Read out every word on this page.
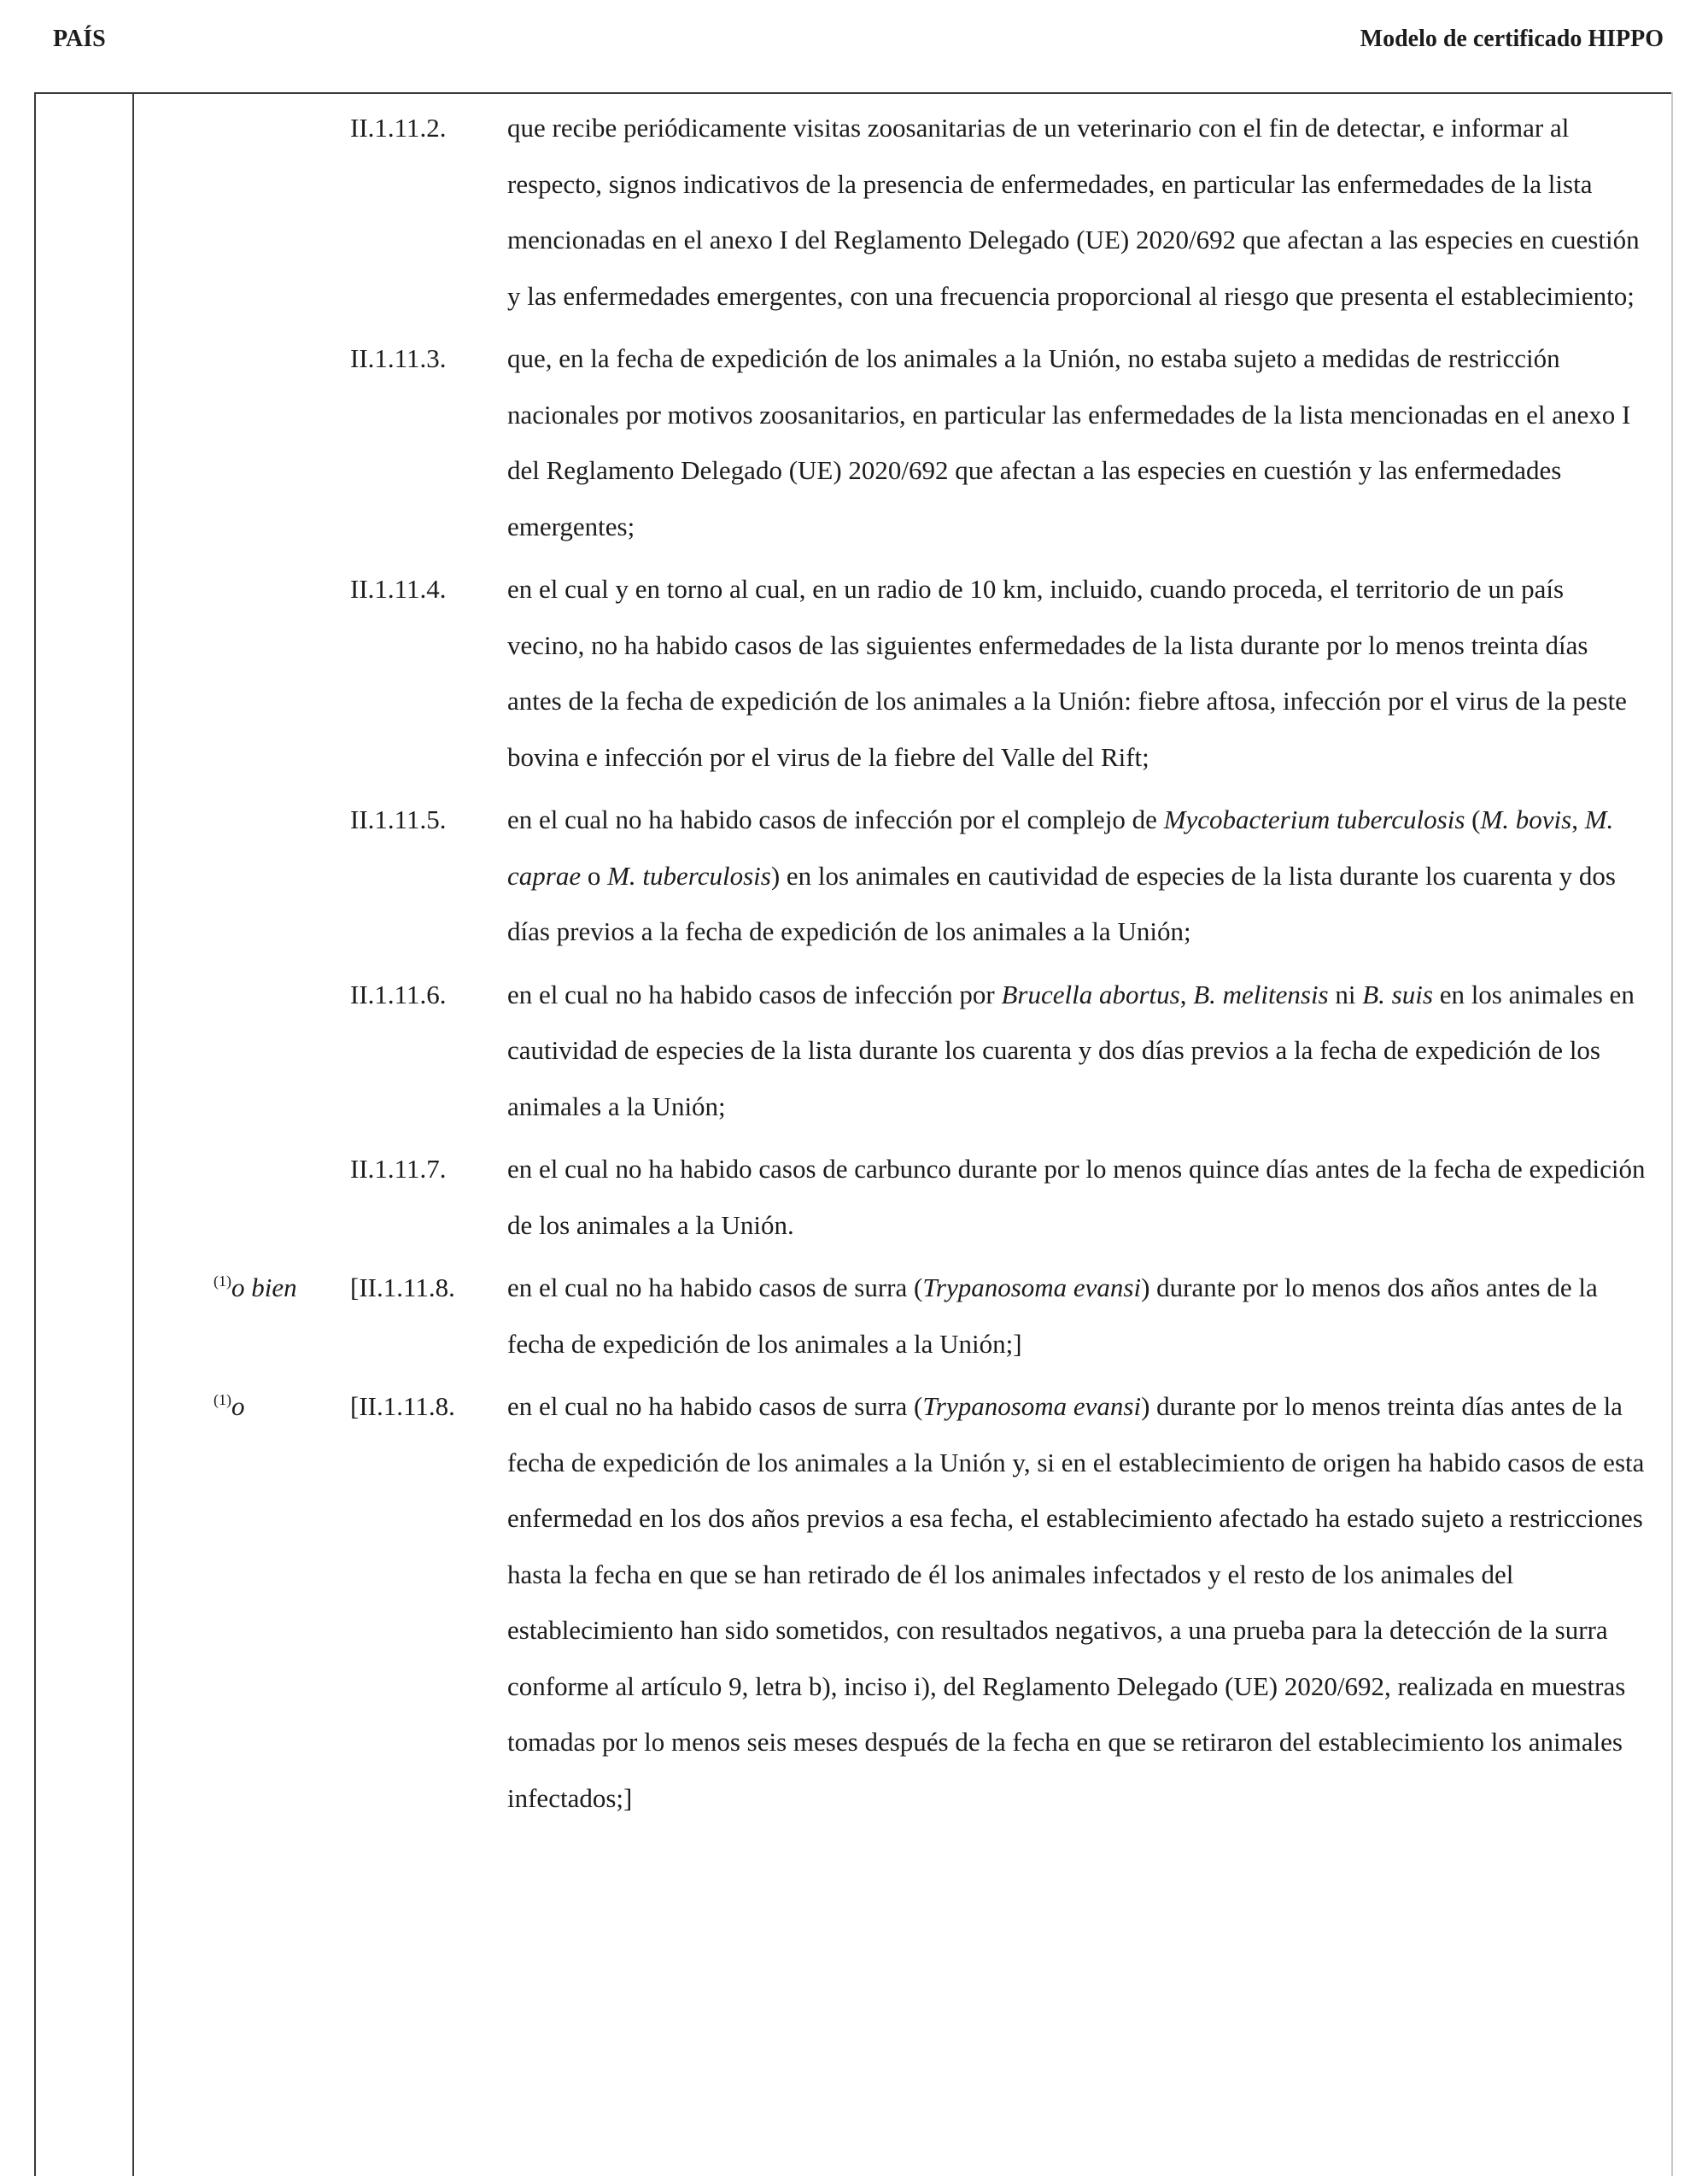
PAÍS	Modelo de certificado HIPPO
II.1.11.2.	que recibe periódicamente visitas zoosanitarias de un veterinario con el fin de detectar, e informar al respecto, signos indicativos de la presencia de enfermedades, en particular las enfermedades de la lista mencionadas en el anexo I del Reglamento Delegado (UE) 2020/692 que afectan a las especies en cuestión y las enfermedades emergentes, con una frecuencia proporcional al riesgo que presenta el establecimiento;
II.1.11.3.	que, en la fecha de expedición de los animales a la Unión, no estaba sujeto a medidas de restricción nacionales por motivos zoosanitarios, en particular las enfermedades de la lista mencionadas en el anexo I del Reglamento Delegado (UE) 2020/692 que afectan a las especies en cuestión y las enfermedades emergentes;
II.1.11.4.	en el cual y en torno al cual, en un radio de 10 km, incluido, cuando proceda, el territorio de un país vecino, no ha habido casos de las siguientes enfermedades de la lista durante por lo menos treinta días antes de la fecha de expedición de los animales a la Unión: fiebre aftosa, infección por el virus de la peste bovina e infección por el virus de la fiebre del Valle del Rift;
II.1.11.5.	en el cual no ha habido casos de infección por el complejo de Mycobacterium tuberculosis (M. bovis, M. caprae o M. tuberculosis) en los animales en cautividad de especies de la lista durante los cuarenta y dos días previos a la fecha de expedición de los animales a la Unión;
II.1.11.6.	en el cual no ha habido casos de infección por Brucella abortus, B. melitensis ni B. suis en los animales en cautividad de especies de la lista durante los cuarenta y dos días previos a la fecha de expedición de los animales a la Unión;
II.1.11.7.	en el cual no ha habido casos de carbunco durante por lo menos quince días antes de la fecha de expedición de los animales a la Unión.
$^{(1)}$o bien	[II.1.11.8.	en el cual no ha habido casos de surra (Trypanosoma evansi) durante por lo menos dos años antes de la fecha de expedición de los animales a la Unión;]
$^{(1)}$o	[II.1.11.8.	en el cual no ha habido casos de surra (Trypanosoma evansi) durante por lo menos treinta días antes de la fecha de expedición de los animales a la Unión y, si en el establecimiento de origen ha habido casos de esta enfermedad en los dos años previos a esa fecha, el establecimiento afectado ha estado sujeto a restricciones hasta la fecha en que se han retirado de él los animales infectados y el resto de los animales del establecimiento han sido sometidos, con resultados negativos, a una prueba para la detección de la surra conforme al artículo 9, letra b), inciso i), del Reglamento Delegado (UE) 2020/692, realizada en muestras tomadas por lo menos seis meses después de la fecha en que se retiraron del establecimiento los animales infectados;]
